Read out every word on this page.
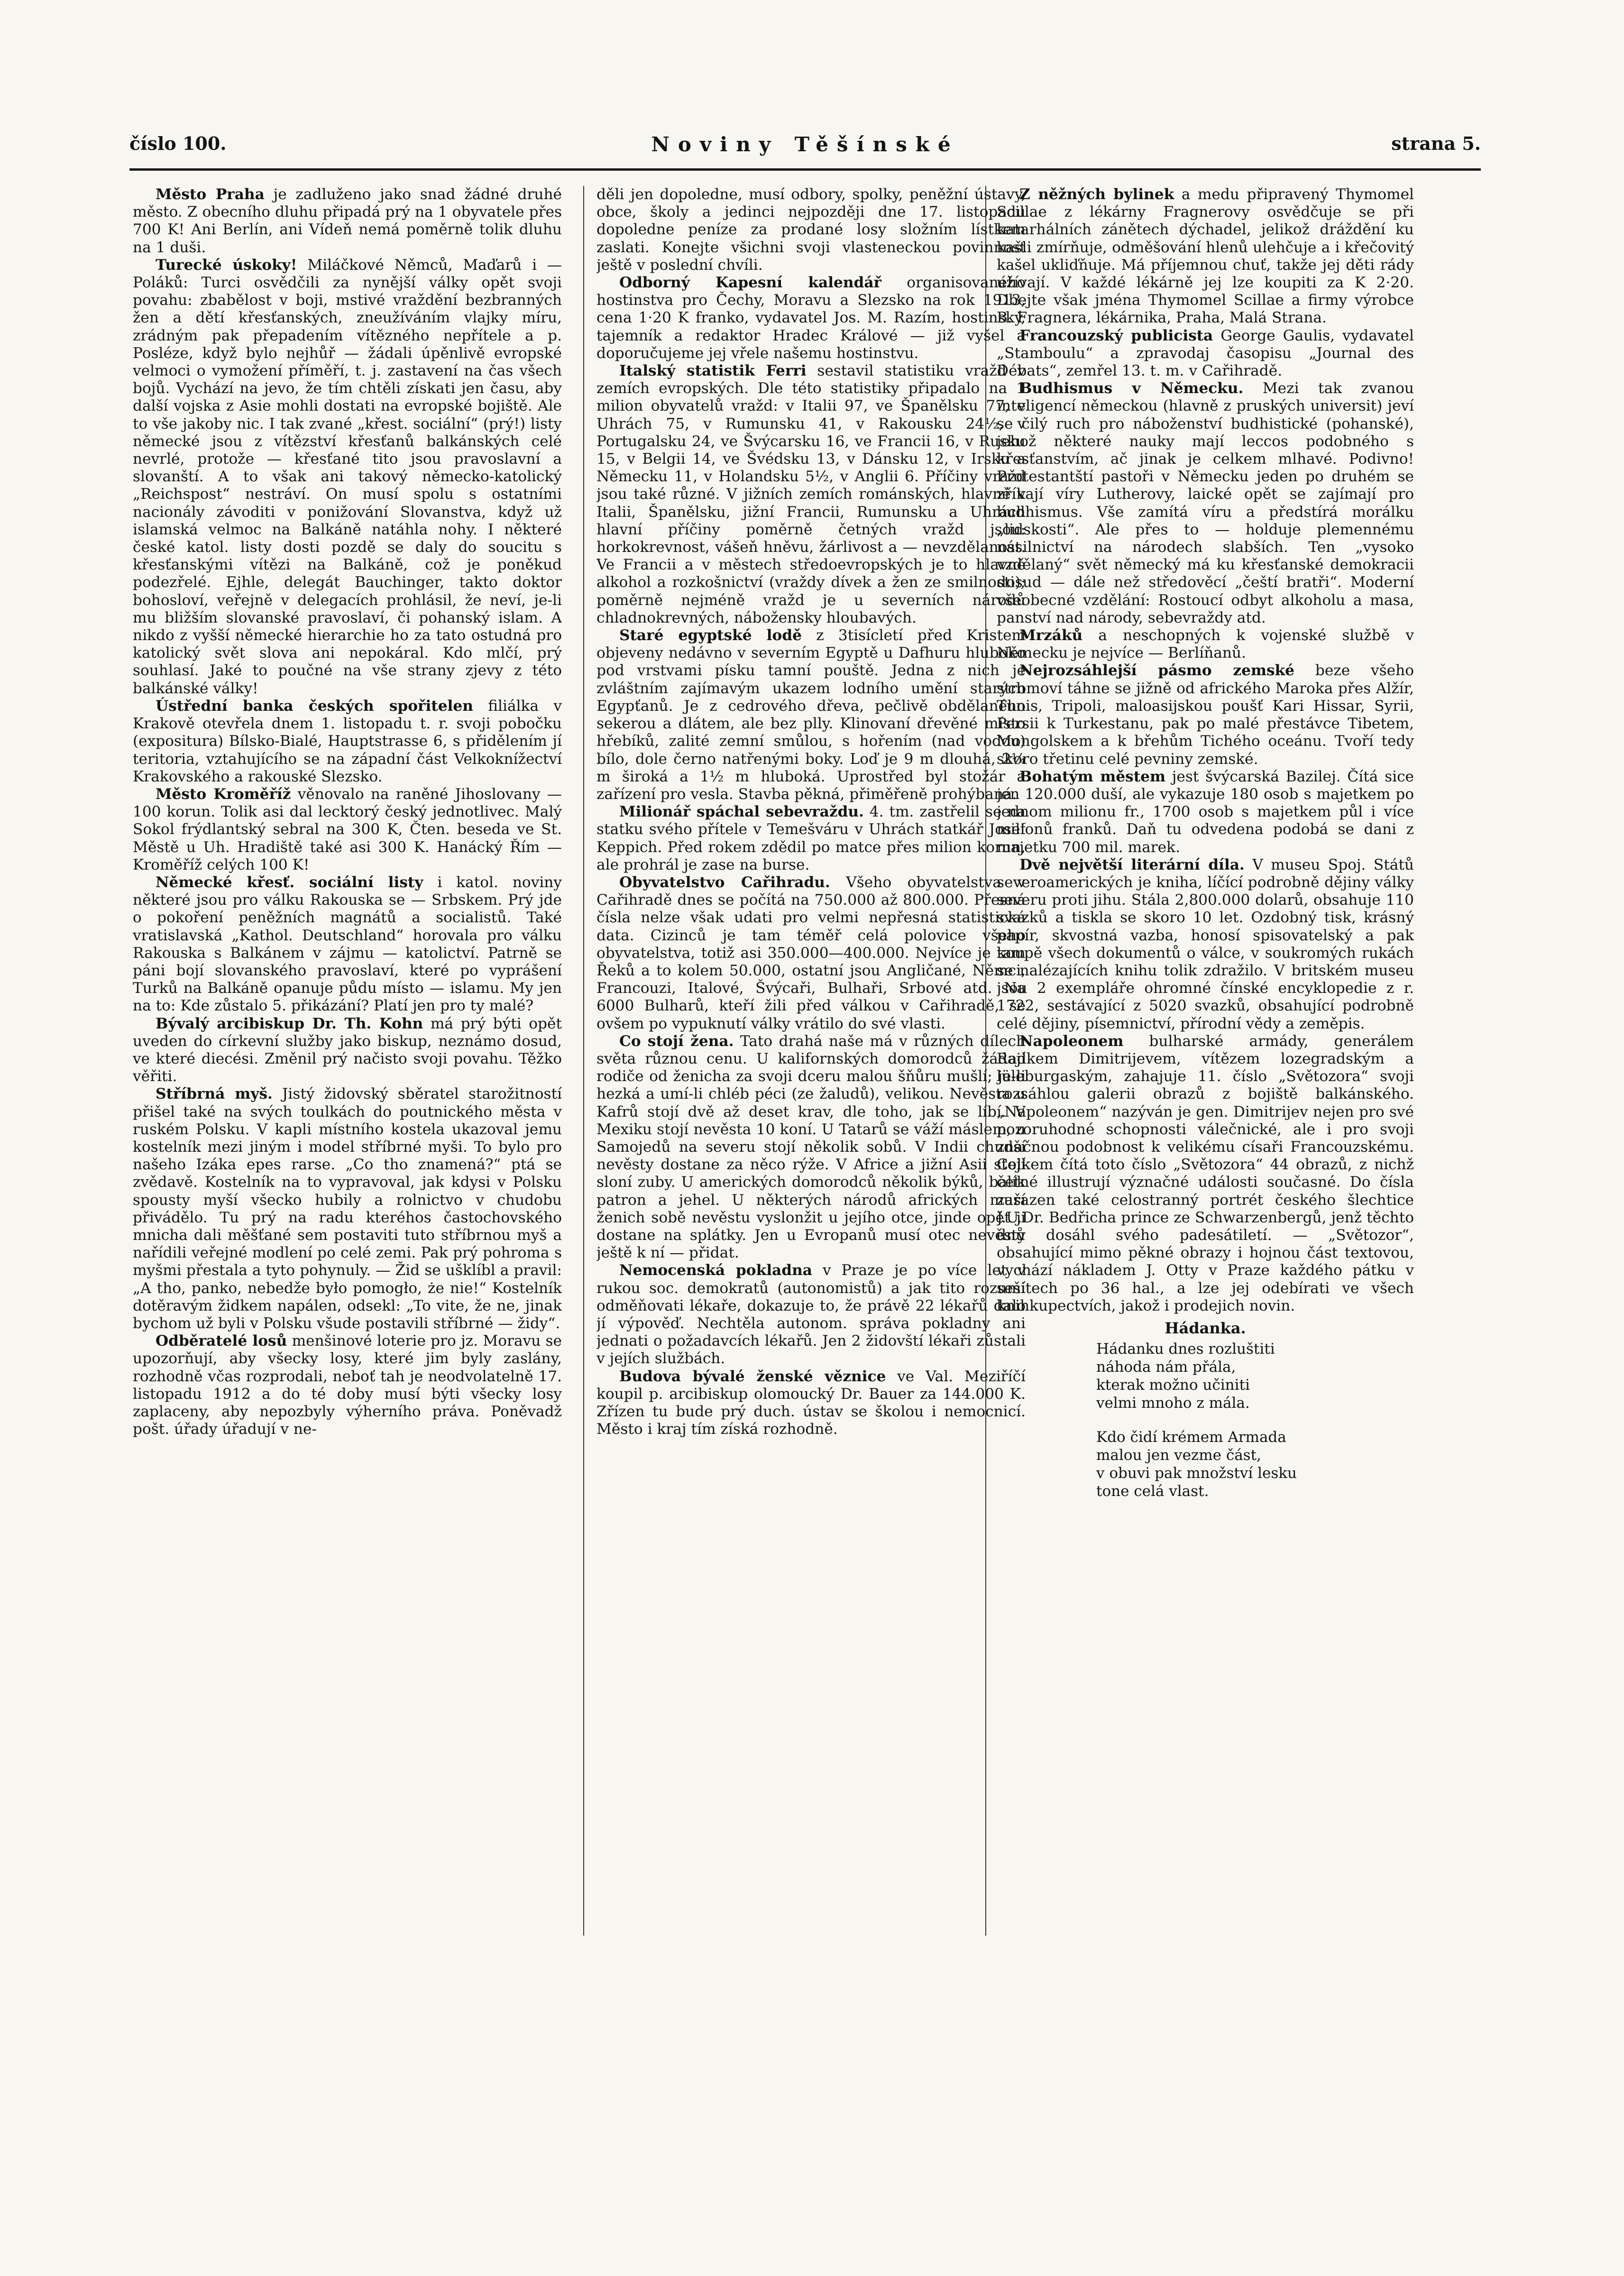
číslo 100.	Noviny Těšínské	strana 5.

Město Praha je zadluženo jako snad žádné druhé město. Z obecního dluhu připadá prý na 1 obyvatele přes 700 K! Ani Berlín, ani Vídeň nemá poměrně tolik dluhu na 1 duši.

Turecké úskoky! Miláčkové Němců, Maďarů i — Poláků: Turci osvědčili za nynější války opět svoji povahu: zbabělost v boji, mstivé vraždění bezbranných žen a dětí křesťanských, zneužíváním vlajky míru, zrádným pak přepadením vítězného nepřítele a p. Posléze, když bylo nejhůř — žádali úpěnlivě evropské velmoci o vymožení příměří, t. j. zastavení na čas všech bojů. Vychází na jevo, že tím chtěli získati jen času, aby další vojska z Asie mohli dostati na evropské bojiště. Ale to vše jakoby nic. I tak zvané „křest. sociální“ (prý!) listy německé jsou z vítězství křesťanů balkánských celé nevrlé, protože — křesťané tito jsou pravoslavní a slovanští. A to však ani takový německo-katolický „Reichspost“ nestráví. On musí spolu s ostatními nacionály závoditi v ponižování Slovanstva, když už islamská velmoc na Balkáně natáhla nohy. I některé české katol. listy dosti pozdě se daly do soucitu s křesťanskými vítězi na Balkáně, což je poněkud podezřelé. Ejhle, delegát Bauchinger, takto doktor bohosloví, veřejně v delegacích prohlásil, že neví, je-li mu bližším slovanské pravoslaví, či pohanský islam. A nikdo z vyšší německé hierarchie ho za tato ostudná pro katolický svět slova ani nepokáral. Kdo mlčí, prý souhlasí. Jaké to poučné na vše strany zjevy z této balkánské války!

Ústřední banka českých spořitelen filiálka v Krakově otevřela dnem 1. listopadu t. r. svoji pobočku (expositura) Bílsko-Bialé, Hauptstrasse 6, s přidělením jí teritoria, vztahujícího se na západní část Velkoknížectví Krakovského a rakouské Slezsko.

Město Kroměříž věnovalo na raněné Jihoslovany — 100 korun. Tolik asi dal lecktorý český jednotlivec. Malý Sokol frýdlantský sebral na 300 K, Čten. beseda ve St. Městě u Uh. Hradiště také asi 300 K. Hanácký Řím — Kroměříž celých 100 K!

Německé křesť. sociální listy i katol. noviny některé jsou pro válku Rakouska se — Srbskem. Prý jde o pokoření peněžních magnátů a socialistů. Také vratislavská „Kathol. Deutschland“ horovala pro válku Rakouska s Balkánem v zájmu — katolictví. Patrně se páni bojí slovanského pravoslaví, které po vyprášení Turků na Balkáně opanuje půdu místo — islamu. My jen na to: Kde zůstalo 5. přikázání? Platí jen pro ty malé?

Bývalý arcibiskup Dr. Th. Kohn má prý býti opět uveden do církevní služby jako biskup, neznámo dosud, ve které diecési. Změnil prý načisto svoji povahu. Těžko věřiti.

Stříbrná myš. Jistý židovský sběratel starožitností přišel také na svých toulkách do poutnického města v ruském Polsku. V kapli místního kostela ukazoval jemu kostelník mezi jiným i model stříbrné myši. To bylo pro našeho Izáka epes rarse. „Co tho znamená?“ ptá se zvědavě. Kostelník na to vypravoval, jak kdysi v Polsku spousty myší všecko hubily a rolnictvo v chudobu přivádělo. Tu prý na radu kteréhos častochovského mnicha dali měšťané sem postaviti tuto stříbrnou myš a nařídili veřejné modlení po celé zemi. Pak prý pohroma s myšmi přestala a tyto pohynuly. — Žid se ušklíbl a pravil: „A tho, panko, nebedže było pomogło, że nie!“ Kostelník dotěravým židkem napálen, odsekl: „To vite, že ne, jinak bychom už byli v Polsku všude postavili stříbrné — židy“.

Odběratelé losů menšinové loterie pro jz. Moravu se upozorňují, aby všecky losy, které jim byly zaslány, rozhodně včas rozprodali, neboť tah je neodvolatelně 17. listopadu 1912 a do té doby musí býti všecky losy zaplaceny, aby nepozbyly výherního práva. Poněvadž pošt. úřady úřadují v ne-

děli jen dopoledne, musí odbory, spolky, peněžní ústavy, obce, školy a jedinci nejpozději dne 17. listopadu dopoledne peníze za prodané losy složním lístkem zaslati. Konejte všichni svoji vlasteneckou povinnost ještě v poslední chvíli.

Odborný Kapesní kalendář organisovaného hostinstva pro Čechy, Moravu a Slezsko na rok 1913, cena 1·20 K franko, vydavatel Jos. M. Razím, hostinský, tajemník a redaktor Hradec Králové — již vyšel a doporučujeme jej vřele našemu hostinstvu.

Italský statistik Ferri sestavil statistiku vražd v zemích evropských. Dle této statistiky připadalo na 1 milion obyvatelů vražd: v Italii 97, ve Španělsku 77, v Uhrách 75, v Rumunsku 41, v Rakousku 24½, v Portugalsku 24, ve Švýcarsku 16, ve Francii 16, v Rusku 15, v Belgii 14, ve Švédsku 13, v Dánsku 12, v Irsku a Německu 11, v Holandsku 5½, v Anglii 6. Příčiny vražd jsou také různé. V jižních zemích románských, hlavně v Italii, Španělsku, jižní Francii, Rumunsku a Uhrách hlavní příčiny poměrně četných vražd jsou: horkokrevnost, vášeň hněvu, žárlivost a — nevzdělanost. Ve Francii a v městech středoevropských je to hlavně alkohol a rozkošnictví (vraždy dívek a žen ze smilnosti); poměrně nejméně vražd je u severních národů chladnokrevných, nábožensky hloubavých.

Staré egyptské lodě z 3tisícletí před Kristem objeveny nedávno v severním Egyptě u Dafhuru hluboko pod vrstvami písku tamní pouště. Jedna z nich je zvláštním zajímavým ukazem lodního umění starých Egypťanů. Je z cedrového dřeva, pečlivě obdělaného sekerou a dlátem, ale bez plly. Klinovaní dřevěné místo hřebíků, zalité zemní smůlou, s hořením (nad vodou) bílo, dole černo natřenými boky. Loď je 9 m dlouhá, 2¼ m široká a 1½ m hluboká. Uprostřed byl stožár a zařízení pro vesla. Stavba pěkná, přiměřeně prohýbaná.

Milionář spáchal sebevraždu. 4. tm. zastřelil se na statku svého přítele v Temešváru v Uhrách statkář Josef Keppich. Před rokem zdědil po matce přes milion korun, ale prohrál je zase na burse.

Obyvatelstvo Cařihradu. Všeho obyvatelstva v Cařihradě dnes se počítá na 750.000 až 800.000. Přesná čísla nelze však udati pro velmi nepřesná statistická data. Cizinců je tam téměř celá polovice všeho obyvatelstva, totiž asi 350.000—400.000. Nejvíce je tam Řeků a to kolem 50.000, ostatní jsou Angličané, Němci, Francouzi, Italové, Švýcaři, Bulhaři, Srbové atd. Na 6000 Bulharů, kteří žili před válkou v Cařihradě, se ovšem po vypuknutí války vrátilo do své vlasti.

Co stojí žena. Tato drahá naše má v různých dílech světa různou cenu. U kalifornských domorodců žádají rodiče od ženicha za svoji dceru malou šňůru mušlí; je-li hezká a umí-li chléb péci (ze žaludů), velikou. Nevěsta u Kafrů stojí dvě až deset krav, dle toho, jak se líbí. V Mexiku stojí nevěsta 10 koní. U Tatarů se váží máslem, u Samojedů na severu stojí několik sobů. V Indii chudší nevěsty dostane za něco rýže. V Africe a jižní Asii stojí sloní zuby. U amerických domorodců několik býků, balík patron a jehel. U některých národů afrických musí ženich sobě nevěstu vyslonžit u jejího otce, jinde opět ji dostane na splátky. Jen u Evropanů musí otec nevěsty ještě k ní — přidat.

Nemocenská pokladna v Praze je po více let v rukou soc. demokratů (autonomistů) a jak tito rozumí odměňovati lékaře, dokazuje to, že právě 22 lékařů dalo jí výpověď. Nechtěla autonom. správa pokladny ani jednati o požadavcích lékařů. Jen 2 židovští lékaři zůstali v jejích službách.

Budova bývalé ženské věznice ve Val. Meziříčí koupil p. arcibiskup olomoucký Dr. Bauer za 144.000 K. Zřízen tu bude prý duch. ústav se školou i nemocnicí. Město i kraj tím získá rozhodně.

Z něžných bylinek a medu připravený Thymomel Scillae z lékárny Fragnerovy osvědčuje se při katarhálních zánětech dýchadel, jelikož dráždění ku kašli zmírňuje, odměšování hlenů ulehčuje a i křečovitý kašel ukliďňuje. Má příjemnou chuť, takže jej děti rády užívají. V každé lékárně jej lze koupiti za K 2·20. Dbejte však jména Thymomel Scillae a firmy výrobce B. Fragnera, lékárnika, Praha, Malá Strana.

Francouzský publicista George Gaulis, vydavatel „Stamboulu“ a zpravodaj časopisu „Journal des Débats“, zemřel 13. t. m. v Cařihradě.

Budhismus v Německu. Mezi tak zvanou inteligencí německou (hlavně z pruských universit) jeví se čilý ruch pro náboženství budhistické (pohanské), jehož některé nauky mají leccos podobného s křesťanstvím, ač jinak je celkem mlhavé. Podivno! Protestantští pastoři v Německu jeden po druhém se zříkají víry Lutherovy, laické opět se zajímají pro budhismus. Vše zamítá víru a předstírá morálku „lidskosti“. Ale přes to — holduje plemennému násilnictví na národech slabších. Ten „vysoko vzdělaný“ svět německý má ku křesťanské demokracii dosud — dále než středověcí „čeští bratři“. Moderní všeobecné vzdělání: Rostoucí odbyt alkoholu a masa, panství nad národy, sebevraždy atd.

Mrzáků a neschopných k vojenské službě v Německu je nejvíce — Berlíňanů.

Nejrozsáhlejší pásmo zemské beze všeho stromoví táhne se jižně od afrického Maroka přes Alžír, Tunis, Tripoli, maloasijskou poušť Kari Hissar, Syrii, Persii k Turkestanu, pak po malé přestávce Tibetem, Mongolskem a k břehům Tichého oceánu. Tvoří tedy skoro třetinu celé pevniny zemské.

Bohatým městem jest švýcarská Bazilej. Čítá sice jen 120.000 duší, ale vykazuje 180 osob s majetkem po jednom milionu fr., 1700 osob s majetkem půl i více milionů franků. Daň tu odvedena podobá se dani z majetku 700 mil. marek.

Dvě největší literární díla. V museu Spoj. Států severoamerických je kniha, líčící podrobně dějiny války severu proti jihu. Stála 2,800.000 dolarů, obsahuje 110 svazků a tiskla se skoro 10 let. Ozdobný tisk, krásný papír, skvostná vazba, honosí spisovatelský a pak koupě všech dokumentů o válce, v soukromých rukách se nalézajících knihu tolik zdražilo. V britském museu jsou 2 exempláře ohromné čínské encyklopedie z r. 1722, sestávající z 5020 svazků, obsahující podrobně celé dějiny, písemnictví, přírodní vědy a zeměpis.

Napoleonem bulharské armády, generálem Radkem Dimitrijevem, vítězem lozegradským a lüleburgaským, zahajuje 11. číslo „Světozora“ svoji rozsáhlou galerii obrazů z bojiště balkánského. „Napoleonem“ nazýván je gen. Dimitrijev nejen pro své pozoruhodné schopnosti válečnické, ale i pro svoji značnou podobnost k velikému císaři Francouzskému. Celkem čítá toto číslo „Světozora“ 44 obrazů, z nichž četné illustrují význačné události současné. Do čísla zařazen také celostranný portrét českého šlechtice J.U.Dr. Bedřicha prince ze Schwarzenbergů, jenž těchto dnů dosáhl svého padesátiletí. — „Světozor“, obsahující mimo pěkné obrazy i hojnou část textovou, vychází nákladem J. Otty v Praze každého pátku v sešitech po 36 hal., a lze jej odebírati ve všech knihkupectvích, jakož i prodejich novin.

Hádanka.
Hádanku dnes rozluštiti
náhoda nám přála,
kterak možno učiniti
velmi mnoho z mála.
Kdo čidí krémem Armada
malou jen vezme část,
v obuvi pak množství lesku
tone celá vlast.
